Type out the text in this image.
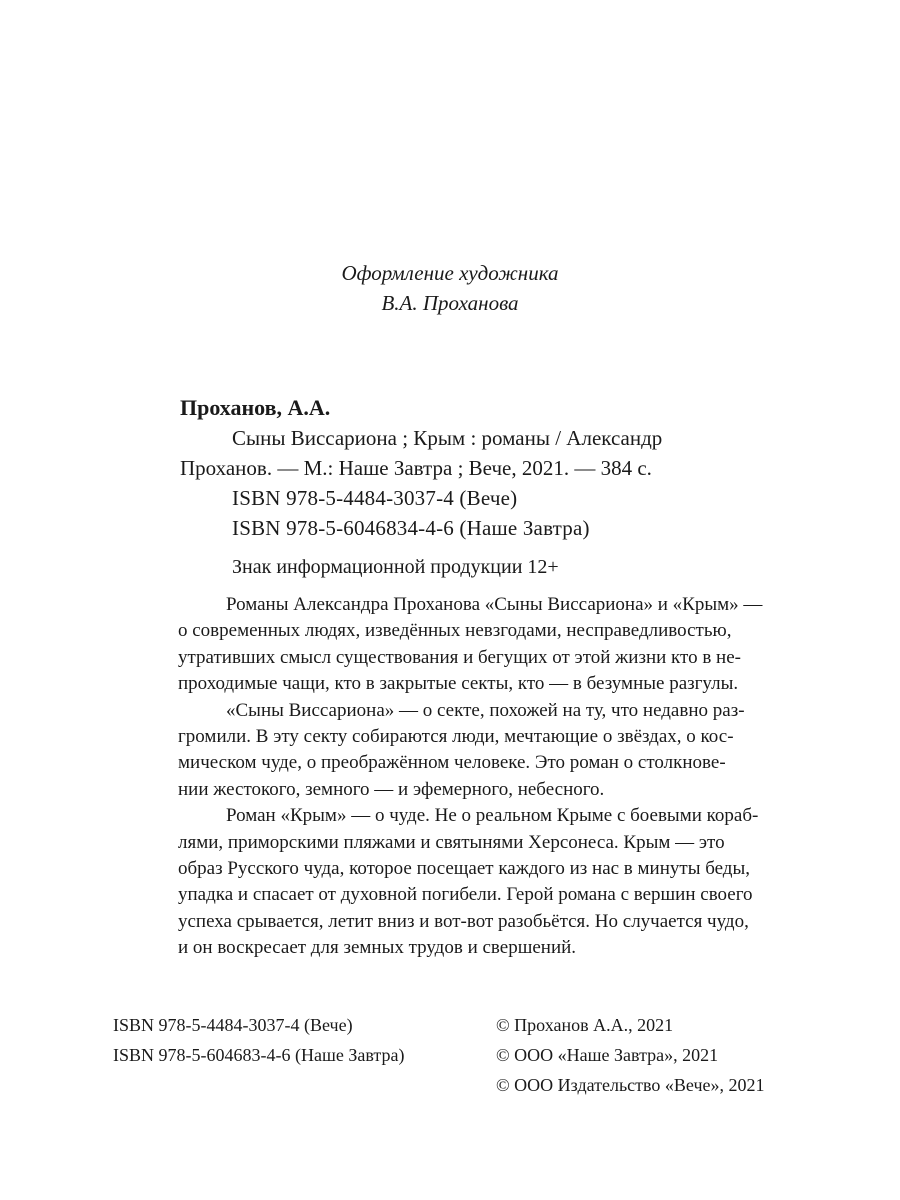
Оформление художника
В.А. Проханова
Проханов, А.А.
Сыны Виссариона ; Крым : романы / Александр
Проханов. — М.: Наше Завтра ; Вече, 2021. — 384 с.
ISBN 978-5-4484-3037-4 (Вече)
ISBN 978-5-6046834-4-6 (Наше Завтра)
Знак информационной продукции 12+
Романы Александра Проханова «Сыны Виссариона» и «Крым» —
о современных людях, изведённых невзгодами, несправедливостью,
утративших смысл существования и бегущих от этой жизни кто в не-
проходимые чащи, кто в закрытые секты, кто — в безумные разгулы.
«Сыны Виссариона» — о секте, похожей на ту, что недавно раз-
громили. В эту секту собираются люди, мечтающие о звёздах, о кос-
мическом чуде, о преображённом человеке. Это роман о столкнове-
нии жестокого, земного — и эфемерного, небесного.
Роман «Крым» — о чуде. Не о реальном Крыме с боевыми кораб-
лями, приморскими пляжами и святынями Херсонеса. Крым — это
образ Русского чуда, которое посещает каждого из нас в минуты беды,
упадка и спасает от духовной погибели. Герой романа с вершин своего
успеха срывается, летит вниз и вот-вот разобьётся. Но случается чудо,
и он воскресает для земных трудов и свершений.
ISBN 978-5-4484-3037-4 (Вече)
ISBN 978-5-604683-4-6 (Наше Завтра)
© Проханов А.А., 2021
© ООО «Наше Завтра», 2021
© ООО Издательство «Вече», 2021
